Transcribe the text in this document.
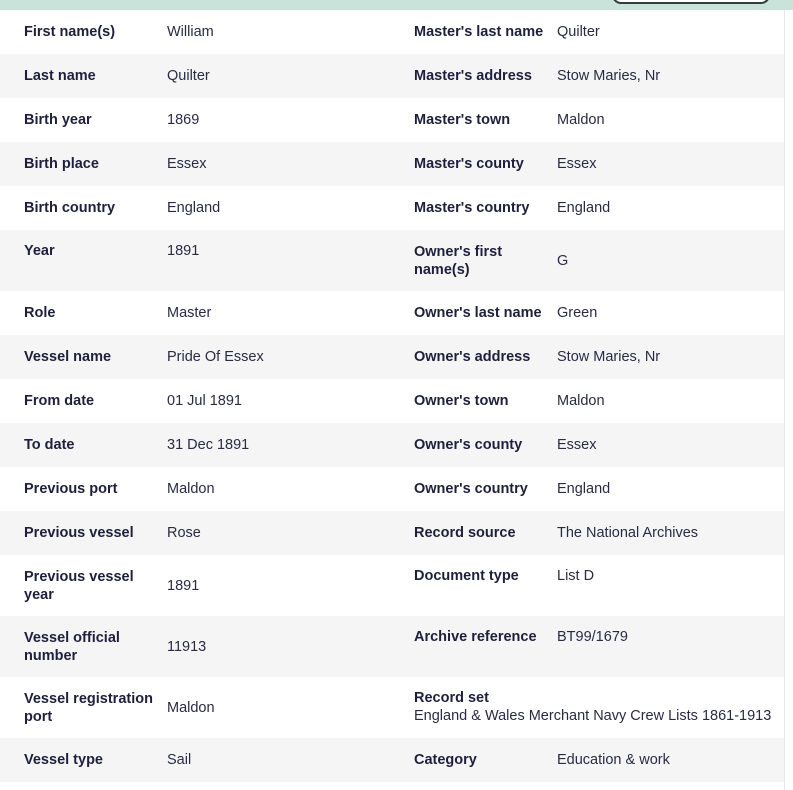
First name(s)	William	Master's last name	Quilter
Last name	Quilter	Master's address	Stow Maries, Nr
Birth year	1869	Master's town	Maldon
Birth place	Essex	Master's county	Essex
Birth country	England	Master's country	England
Year	1891	Owner's first name(s)	G
Role	Master	Owner's last name	Green
Vessel name	Pride Of Essex	Owner's address	Stow Maries, Nr
From date	01 Jul 1891	Owner's town	Maldon
To date	31 Dec 1891	Owner's county	Essex
Previous port	Maldon	Owner's country	England
Previous vessel	Rose	Record source	The National Archives
Previous vessel year	1891	Document type	List D
Vessel official number	11913	Archive reference	BT99/1679
Vessel registration port	Maldon	Record set
England & Wales Merchant Navy Crew Lists 1861-1913	

Vessel type	Sail	Category	Education & work
